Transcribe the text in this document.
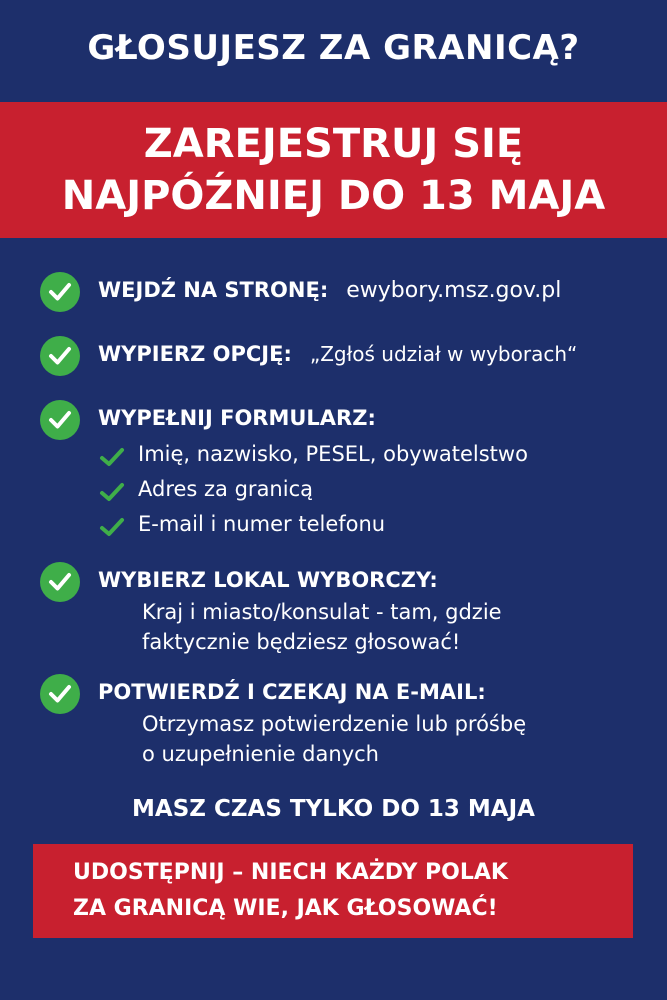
GŁOSUJESZ ZA GRANICĄ?
ZAREJESTRUJ SIĘ
NAJPÓŹNIEJ DO 13 MAJA
WEJDŹ NA STRONĘ: ewybory.msz.gov.pl
WYPIERZ OPCJĘ: „Zgłoś udział w wyborach“
WYPEŁNIJ FORMULARZ:
Imię, nazwisko, PESEL, obywatelstwo
Adres za granicą
E-mail i numer telefonu
WYBIERZ LOKAL WYBORCZY:
Kraj i miasto/konsulat - tam, gdzie
faktycznie będziesz głosować!
POTWIERDŹ I CZEKAJ NA E-MAIL:
Otrzymasz potwierdzenie lub próśbę
o uzupełnienie danych
MASZ CZAS TYLKO DO 13 MAJA
UDOSTĘPNIJ – NIECH KAŻDY POLAK
ZA GRANICĄ WIE, JAK GŁOSOWAĆ!
